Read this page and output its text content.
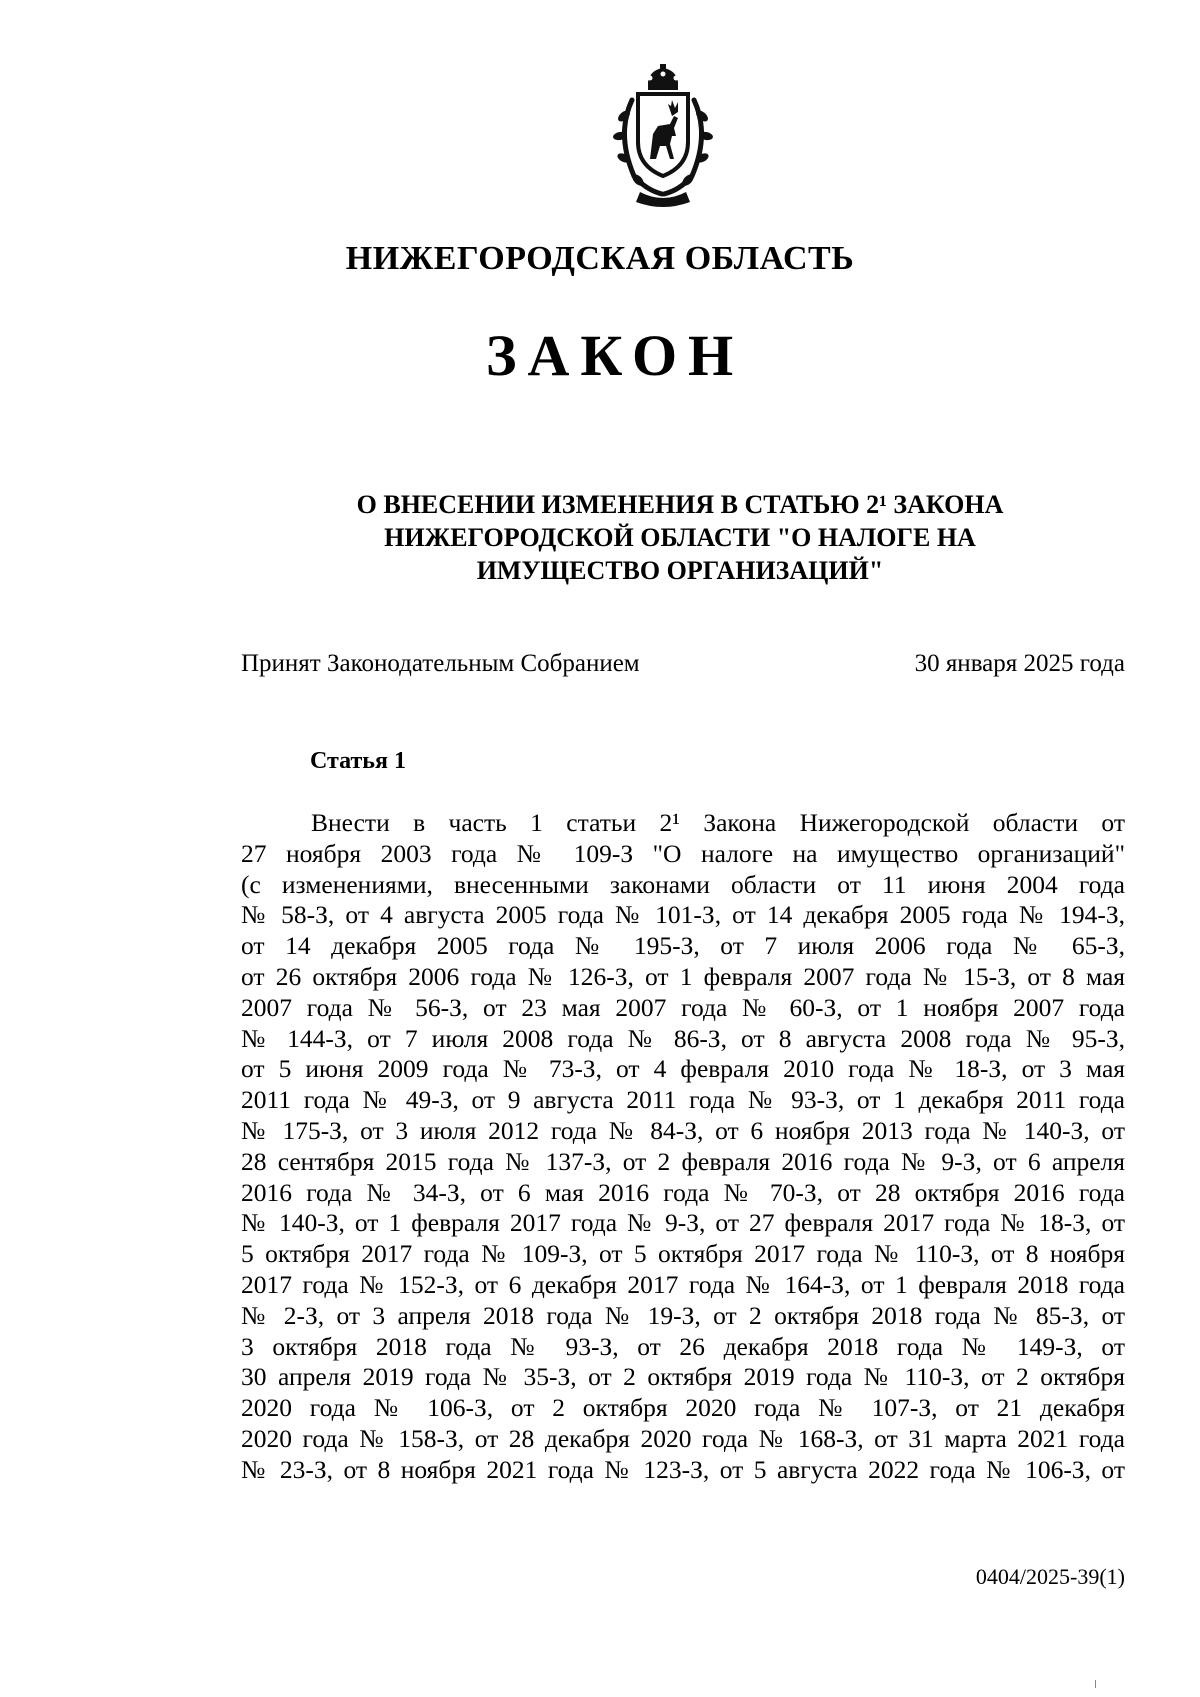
НИЖЕГОРОДСКАЯ ОБЛАСТЬ
ЗАКОН
О ВНЕСЕНИИ ИЗМЕНЕНИЯ В СТАТЬЮ 2¹ ЗАКОНА
НИЖЕГОРОДСКОЙ ОБЛАСТИ "О НАЛОГЕ НА
ИМУЩЕСТВО ОРГАНИЗАЦИЙ"
Принят Законодательным Собранием	30 января 2025 года
Статья 1
Внести в часть 1 статьи 2¹ Закона Нижегородской области от
27 ноября 2003 года № 109-З "О налоге на имущество организаций"
(с изменениями, внесенными законами области от 11 июня 2004 года
№ 58-З, от 4 августа 2005 года № 101-З, от 14 декабря 2005 года № 194-З,
от 14 декабря 2005 года № 195-З, от 7 июля 2006 года № 65-З,
от 26 октября 2006 года № 126-З, от 1 февраля 2007 года № 15-З, от 8 мая
2007 года № 56-З, от 23 мая 2007 года № 60-З, от 1 ноября 2007 года
№ 144-З, от 7 июля 2008 года № 86-З, от 8 августа 2008 года № 95-З,
от 5 июня 2009 года № 73-З, от 4 февраля 2010 года № 18-З, от 3 мая
2011 года № 49-З, от 9 августа 2011 года № 93-З, от 1 декабря 2011 года
№ 175-З, от 3 июля 2012 года № 84-З, от 6 ноября 2013 года № 140-З, от
28 сентября 2015 года № 137-З, от 2 февраля 2016 года № 9-З, от 6 апреля
2016 года № 34-З, от 6 мая 2016 года № 70-З, от 28 октября 2016 года
№ 140-З, от 1 февраля 2017 года № 9-З, от 27 февраля 2017 года № 18-З, от
5 октября 2017 года № 109-З, от 5 октября 2017 года № 110-З, от 8 ноября
2017 года № 152-З, от 6 декабря 2017 года № 164-З, от 1 февраля 2018 года
№ 2-З, от 3 апреля 2018 года № 19-З, от 2 октября 2018 года № 85-З, от
3 октября 2018 года № 93-З, от 26 декабря 2018 года № 149-З, от
30 апреля 2019 года № 35-З, от 2 октября 2019 года № 110-З, от 2 октября
2020 года № 106-З, от 2 октября 2020 года № 107-З, от 21 декабря
2020 года № 158-З, от 28 декабря 2020 года № 168-З, от 31 марта 2021 года
№ 23-З, от 8 ноября 2021 года № 123-З, от 5 августа 2022 года № 106-З, от
0404/2025-39(1)
